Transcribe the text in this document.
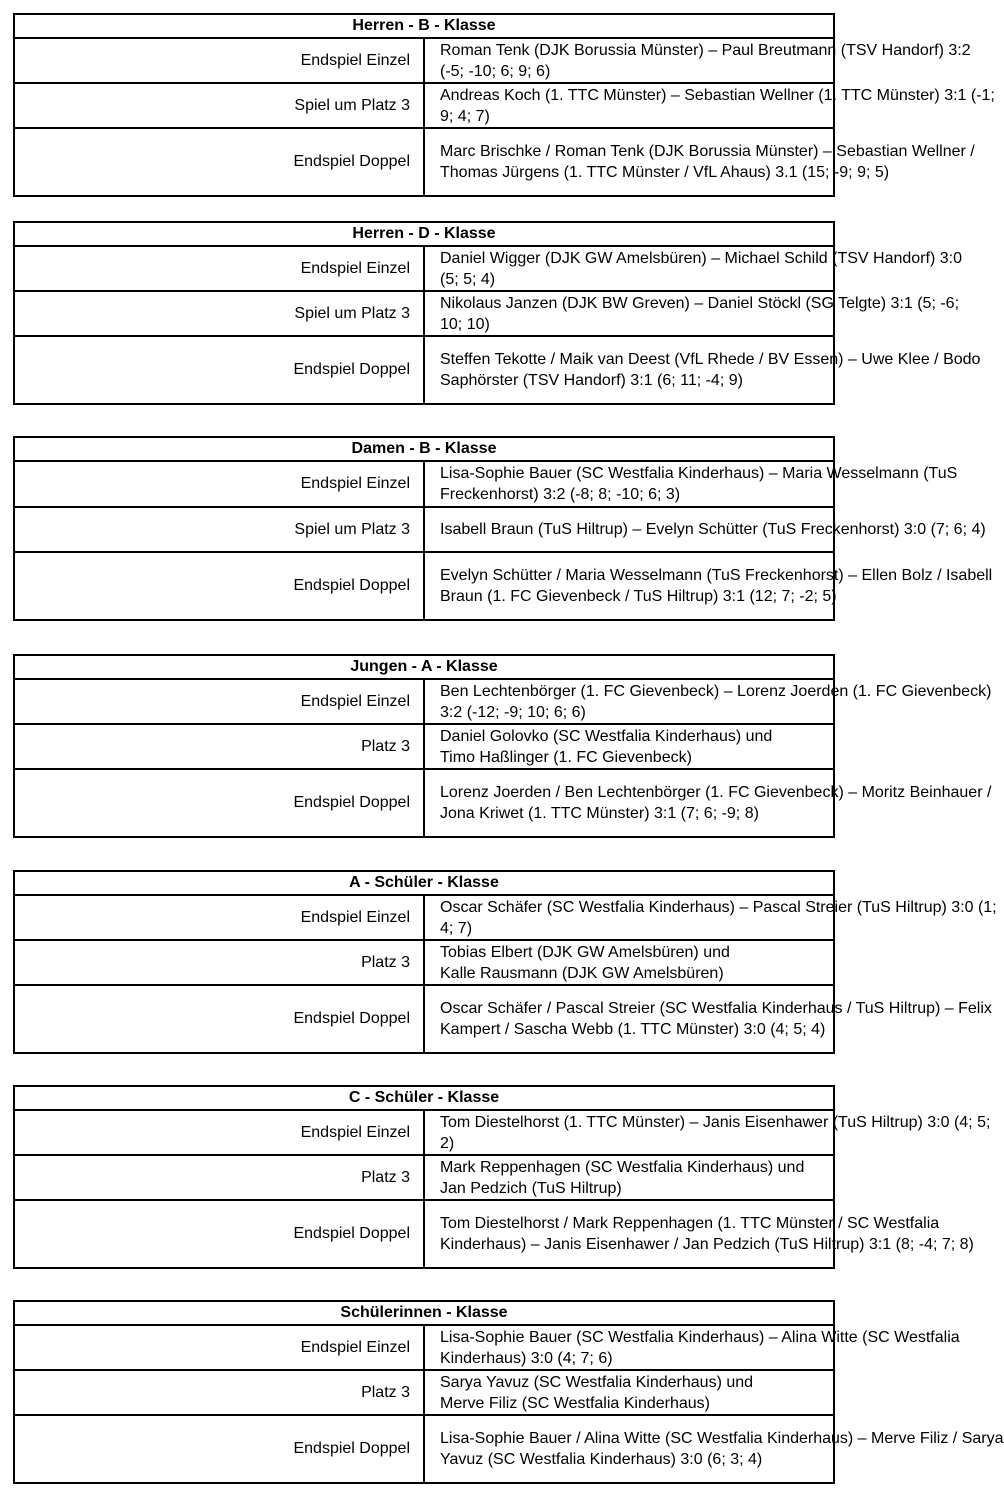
Herren - B - Klasse	
Endspiel Einzel	Roman Tenk (DJK Borussia Münster) – Paul Breutmann (TSV Handorf) 3:2
(-5; -10; 6; 9; 6)

Spiel um Platz 3	Andreas Koch (1. TTC Münster) – Sebastian Wellner (1. TTC Münster) 3:1 (-1;
9; 4; 7)

Endspiel Doppel	Marc Brischke / Roman Tenk (DJK Borussia Münster) – Sebastian Wellner /
Thomas Jürgens (1. TTC Münster / VfL Ahaus) 3.1 (15; -9; 9; 5)
Herren - D - Klasse	
Endspiel Einzel	Daniel Wigger (DJK GW Amelsbüren) – Michael Schild (TSV Handorf) 3:0
(5; 5; 4)

Spiel um Platz 3	Nikolaus Janzen (DJK BW Greven) – Daniel Stöckl (SG Telgte) 3:1 (5; -6;
10; 10)

Endspiel Doppel	Steffen Tekotte / Maik van Deest (VfL Rhede / BV Essen) – Uwe Klee / Bodo
Saphörster (TSV Handorf) 3:1 (6; 11; -4; 9)
Damen - B - Klasse	
Endspiel Einzel	Lisa-Sophie Bauer (SC Westfalia Kinderhaus) – Maria Wesselmann (TuS
Freckenhorst) 3:2 (-8; 8; -10; 6; 3)

Spiel um Platz 3	Isabell Braun (TuS Hiltrup) – Evelyn Schütter (TuS Freckenhorst) 3:0 (7; 6; 4)

Endspiel Doppel	Evelyn Schütter / Maria Wesselmann (TuS Freckenhorst) – Ellen Bolz / Isabell
Braun (1. FC Gievenbeck / TuS Hiltrup) 3:1 (12; 7; -2; 5)
Jungen - A - Klasse	
Endspiel Einzel	Ben Lechtenbörger (1. FC Gievenbeck) – Lorenz Joerden (1. FC Gievenbeck)
3:2 (-12; -9; 10; 6; 6)

Platz 3	Daniel Golovko (SC Westfalia Kinderhaus) und
Timo Haßlinger (1. FC Gievenbeck)

Endspiel Doppel	Lorenz Joerden / Ben Lechtenbörger (1. FC Gievenbeck) – Moritz Beinhauer /
Jona Kriwet (1. TTC Münster) 3:1 (7; 6; -9; 8)
A - Schüler - Klasse	
Endspiel Einzel	Oscar Schäfer (SC Westfalia Kinderhaus) – Pascal Streier (TuS Hiltrup) 3:0 (1;
4; 7)

Platz 3	Tobias Elbert (DJK GW Amelsbüren) und
Kalle Rausmann (DJK GW Amelsbüren)

Endspiel Doppel	Oscar Schäfer / Pascal Streier (SC Westfalia Kinderhaus / TuS Hiltrup) – Felix
Kampert / Sascha Webb (1. TTC Münster) 3:0 (4; 5; 4)
C - Schüler - Klasse	
Endspiel Einzel	Tom Diestelhorst (1. TTC Münster) – Janis Eisenhawer (TuS Hiltrup) 3:0 (4; 5;
2)

Platz 3	Mark Reppenhagen (SC Westfalia Kinderhaus) und
Jan Pedzich (TuS Hiltrup)

Endspiel Doppel	Tom Diestelhorst / Mark Reppenhagen (1. TTC Münster / SC Westfalia
Kinderhaus) – Janis Eisenhawer / Jan Pedzich (TuS Hiltrup) 3:1 (8; -4; 7; 8)
Schülerinnen - Klasse	
Endspiel Einzel	Lisa-Sophie Bauer (SC Westfalia Kinderhaus) – Alina Witte (SC Westfalia
Kinderhaus) 3:0 (4; 7; 6)

Platz 3	Sarya Yavuz (SC Westfalia Kinderhaus) und
Merve Filiz (SC Westfalia Kinderhaus)

Endspiel Doppel	Lisa-Sophie Bauer / Alina Witte (SC Westfalia Kinderhaus) – Merve Filiz / Sarya
Yavuz (SC Westfalia Kinderhaus) 3:0 (6; 3; 4)
